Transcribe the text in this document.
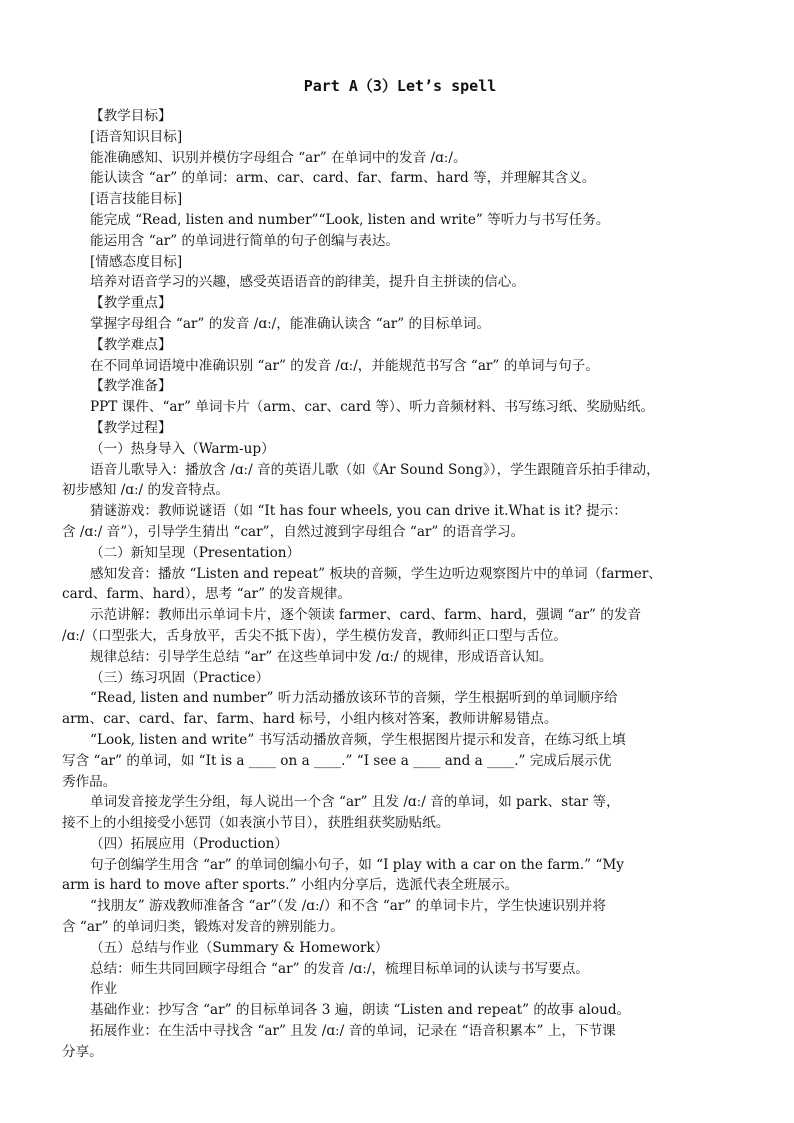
Part A（3）Let’s spell
【教学目标】
[语音知识目标]
能准确感知、识别并模仿字母组合 “ar” 在单词中的发音 /ɑː/。
能认读含 “ar” 的单词：arm、car、card、far、farm、hard 等，并理解其含义。
[语言技能目标]
能完成 “Read, listen and number”“Look, listen and write” 等听力与书写任务。
能运用含 “ar” 的单词进行简单的句子创编与表达。
[情感态度目标]
培养对语音学习的兴趣，感受英语语音的韵律美，提升自主拼读的信心。
【教学重点】
掌握字母组合 “ar” 的发音 /ɑː/，能准确认读含 “ar” 的目标单词。
【教学难点】
在不同单词语境中准确识别 “ar” 的发音 /ɑː/，并能规范书写含 “ar” 的单词与句子。
【教学准备】
PPT 课件、“ar” 单词卡片（arm、car、card 等）、听力音频材料、书写练习纸、奖励贴纸。
【教学过程】
（一）热身导入（Warm-up）
语音儿歌导入：播放含 /ɑː/ 音的英语儿歌（如《Ar Sound Song》），学生跟随音乐拍手律动，
初步感知 /ɑː/ 的发音特点。
猜谜游戏：教师说谜语（如 “It has four wheels, you can drive it.What is it? 提示：
含 /ɑː/ 音”），引导学生猜出 “car”，自然过渡到字母组合 “ar” 的语音学习。
（二）新知呈现（Presentation）
感知发音：播放 “Listen and repeat” 板块的音频，学生边听边观察图片中的单词（farmer、
card、farm、hard），思考 “ar” 的发音规律。
示范讲解：教师出示单词卡片，逐个领读 farmer、card、farm、hard，强调 “ar” 的发音
/ɑː/（口型张大，舌身放平，舌尖不抵下齿），学生模仿发音，教师纠正口型与舌位。
规律总结：引导学生总结 “ar” 在这些单词中发 /ɑː/ 的规律，形成语音认知。
（三）练习巩固（Practice）
“Read, listen and number” 听力活动播放该环节的音频，学生根据听到的单词顺序给
arm、car、card、far、farm、hard 标号，小组内核对答案，教师讲解易错点。
“Look, listen and write” 书写活动播放音频，学生根据图片提示和发音，在练习纸上填
写含 “ar” 的单词，如 “It is a ____ on a ____.” “I see a ____ and a ____.” 完成后展示优
秀作品。
单词发音接龙学生分组，每人说出一个含 “ar” 且发 /ɑː/ 音的单词，如 park、star 等，
接不上的小组接受小惩罚（如表演小节目），获胜组获奖励贴纸。
（四）拓展应用（Production）
句子创编学生用含 “ar” 的单词创编小句子，如 “I play with a car on the farm.” “My
arm is hard to move after sports.” 小组内分享后，选派代表全班展示。
“找朋友” 游戏教师准备含 “ar”（发 /ɑː/）和不含 “ar” 的单词卡片，学生快速识别并将
含 “ar” 的单词归类，锻炼对发音的辨别能力。
（五）总结与作业（Summary & Homework）
总结：师生共同回顾字母组合 “ar” 的发音 /ɑː/，梳理目标单词的认读与书写要点。
作业
基础作业：抄写含 “ar” 的目标单词各 3 遍，朗读 “Listen and repeat” 的故事 aloud。
拓展作业：在生活中寻找含 “ar” 且发 /ɑː/ 音的单词，记录在 “语音积累本” 上，下节课
分享。
